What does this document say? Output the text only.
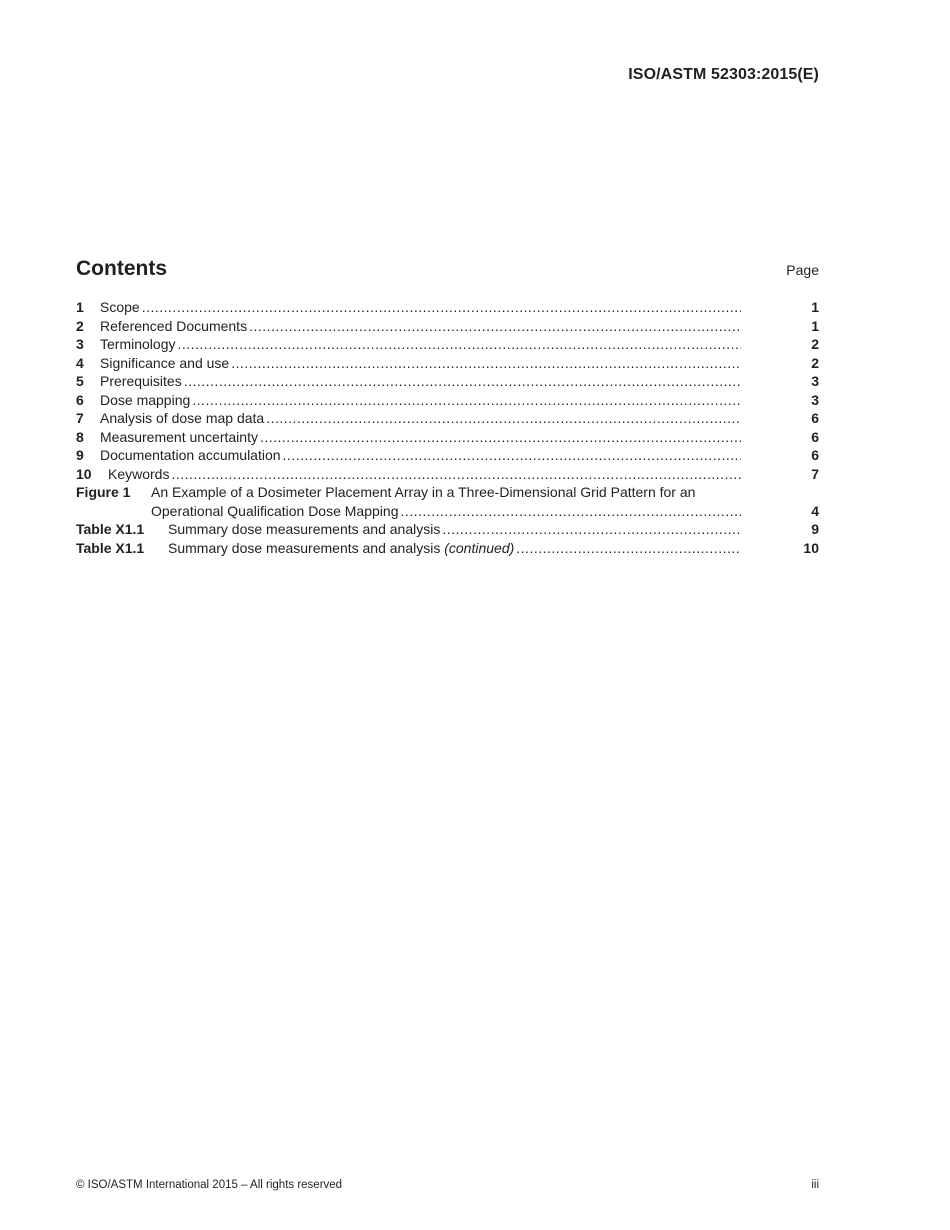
ISO/ASTM 52303:2015(E)
Contents	Page
1	Scope .....	1
2	Referenced Documents .....	1
3	Terminology .....	2
4	Significance and use .....	2
5	Prerequisites .....	3
6	Dose mapping .....	3
7	Analysis of dose map data .....	6
8	Measurement uncertainty .....	6
9	Documentation accumulation .....	6
10	Keywords .....	7
Figure 1	An Example of a Dosimeter Placement Array in a Three-Dimensional Grid Pattern for an
Operational Qualification Dose Mapping .....	4
Table X1.1	Summary dose measurements and analysis .....	9
Table X1.1	Summary dose measurements and analysis
(continued) .....	10
© ISO/ASTM International 2015 – All rights reserved	iii
